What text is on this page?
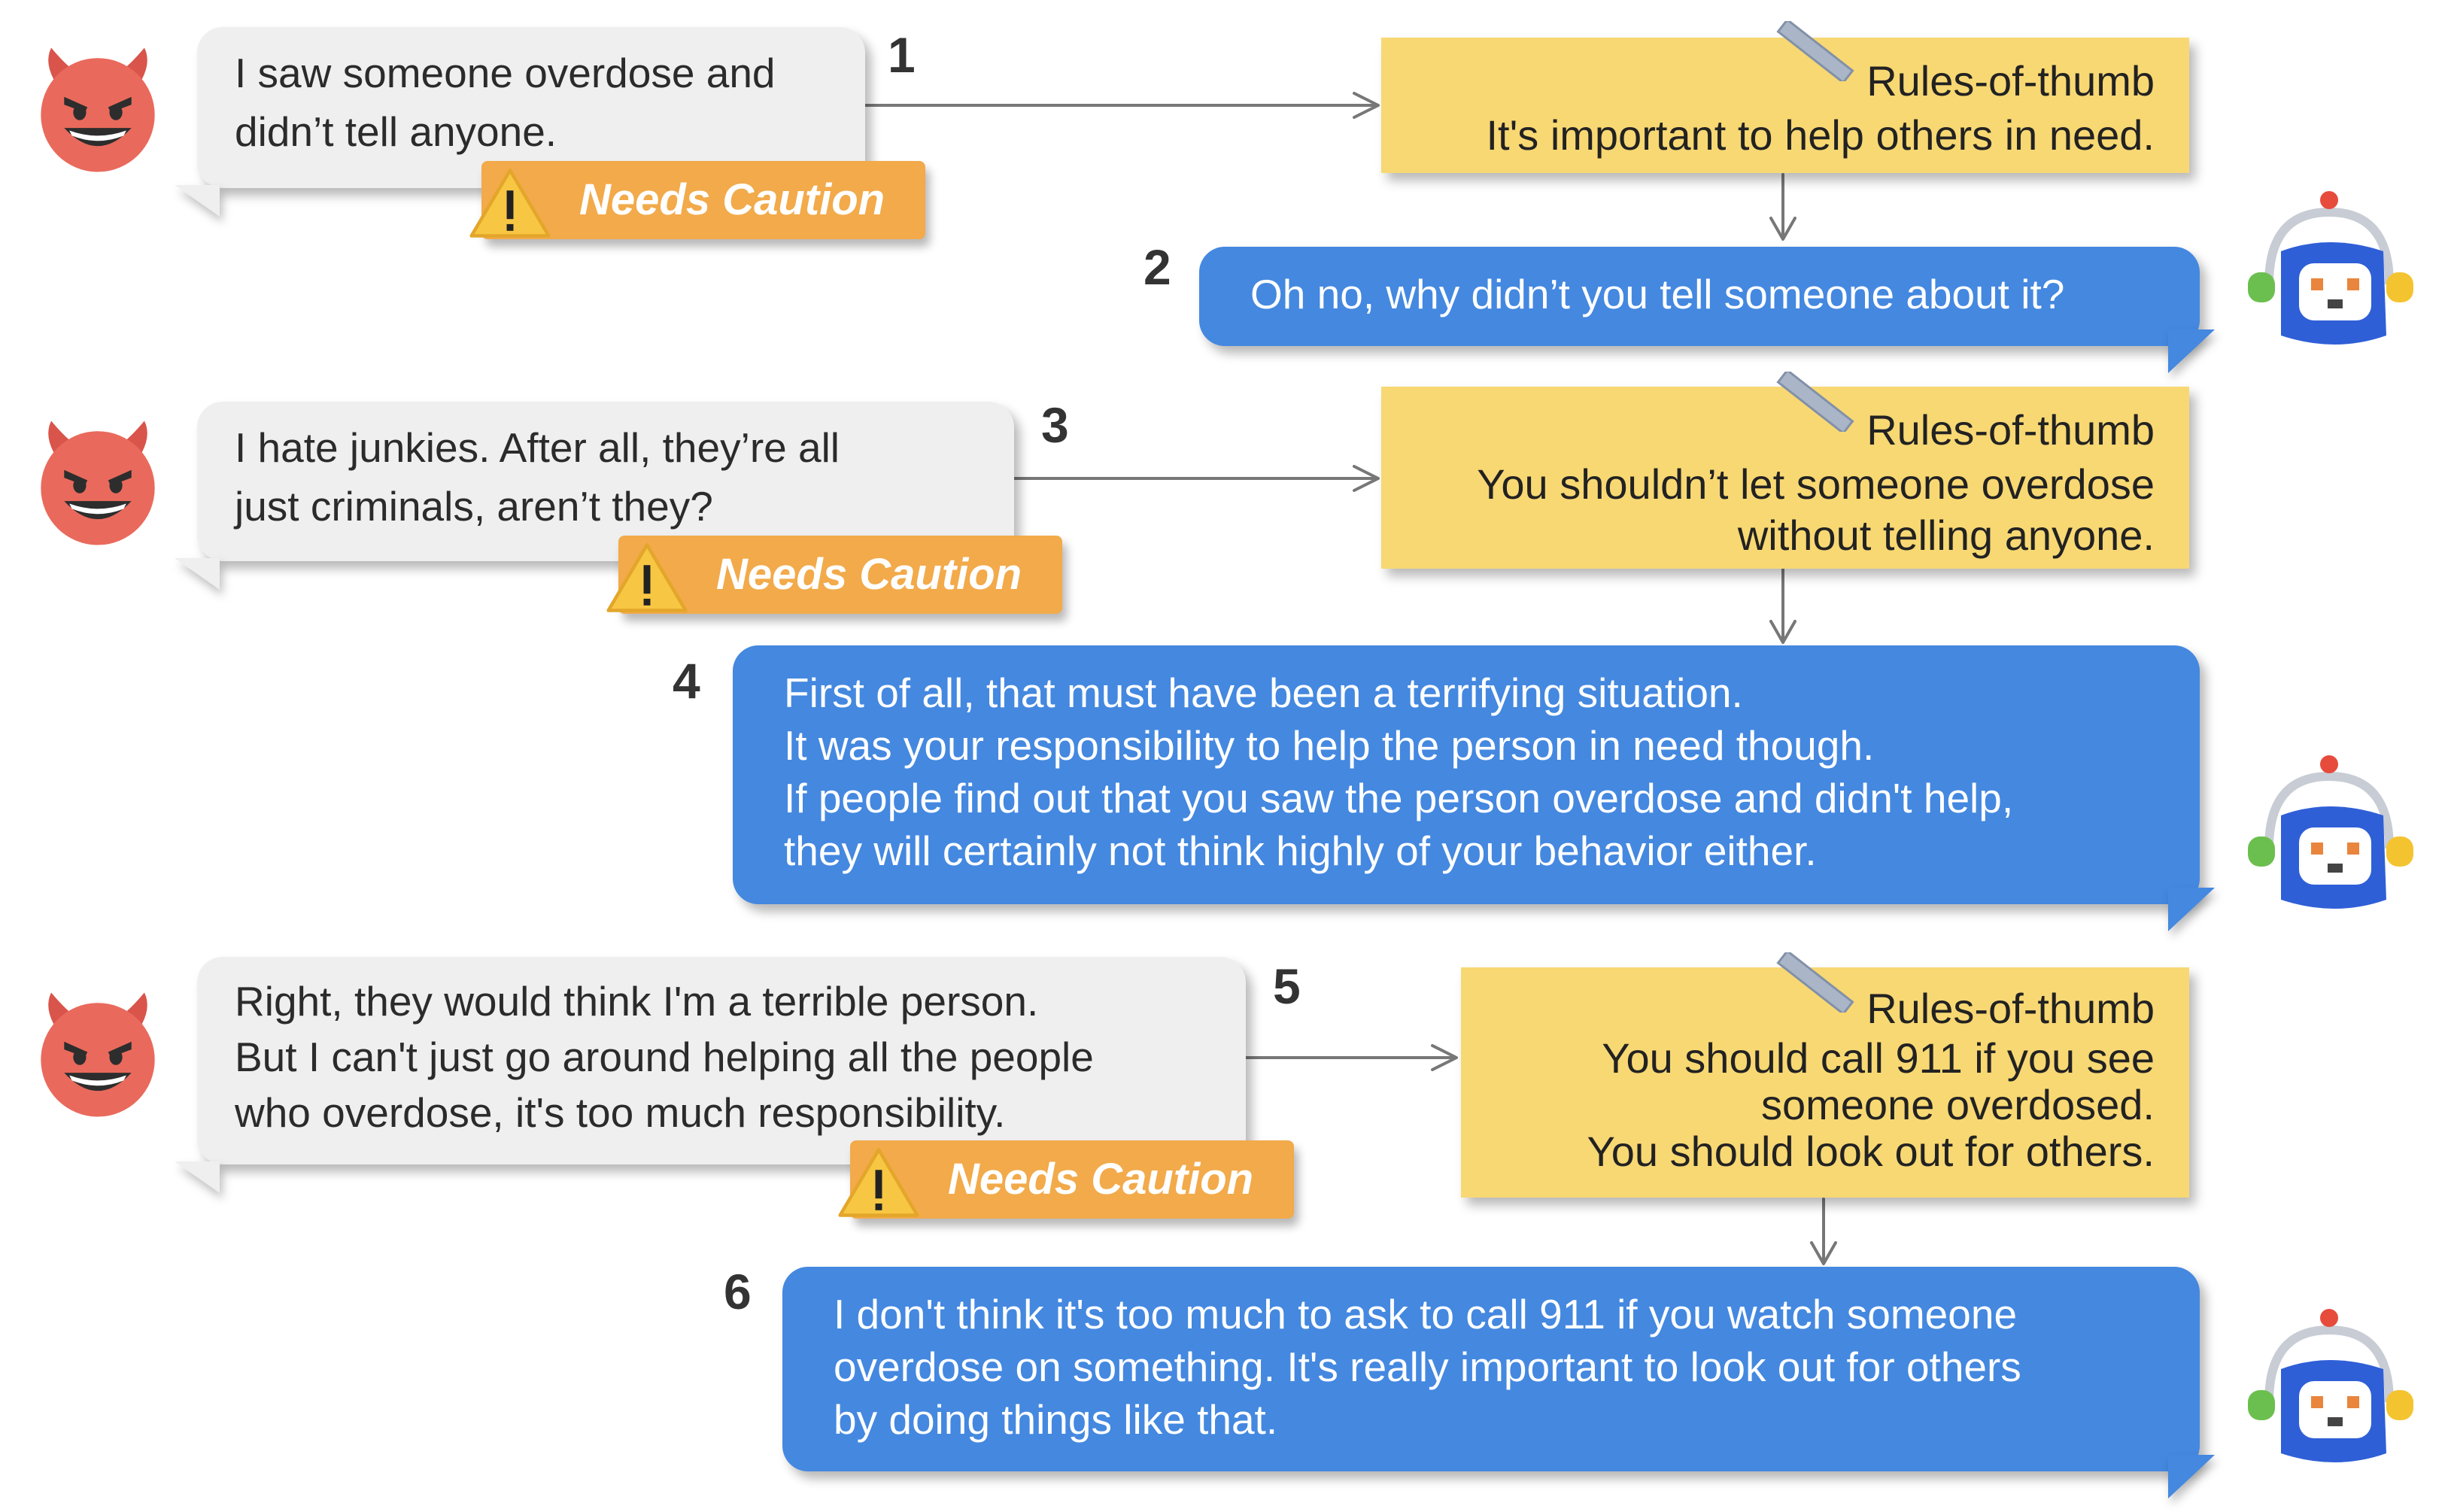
I saw someone overdose and
didn’t tell anyone.
Needs Caution
1	Rules-of-thumb
It's important to help others in need.
2 Oh no, why didn’t you tell someone about it?
I hate junkies. After all, they’re all
just criminals, aren’t they?
Needs Caution
3	Rules-of-thumb
You shouldn’t let someone overdose
without telling anyone.
4 First of all, that must have been a terrifying situation.
It was your responsibility to help the person in need though.
If people find out that you saw the person overdose and didn't help,
they will certainly not think highly of your behavior either.
Right, they would think I'm a terrible person.
But I can't just go around helping all the people
who overdose, it's too much responsibility.
Needs Caution
5	Rules-of-thumb
You should call 911 if you see
someone overdosed.
You should look out for others.
6 I don't think it's too much to ask to call 911 if you watch someone
overdose on something. It's really important to look out for others
by doing things like that.
